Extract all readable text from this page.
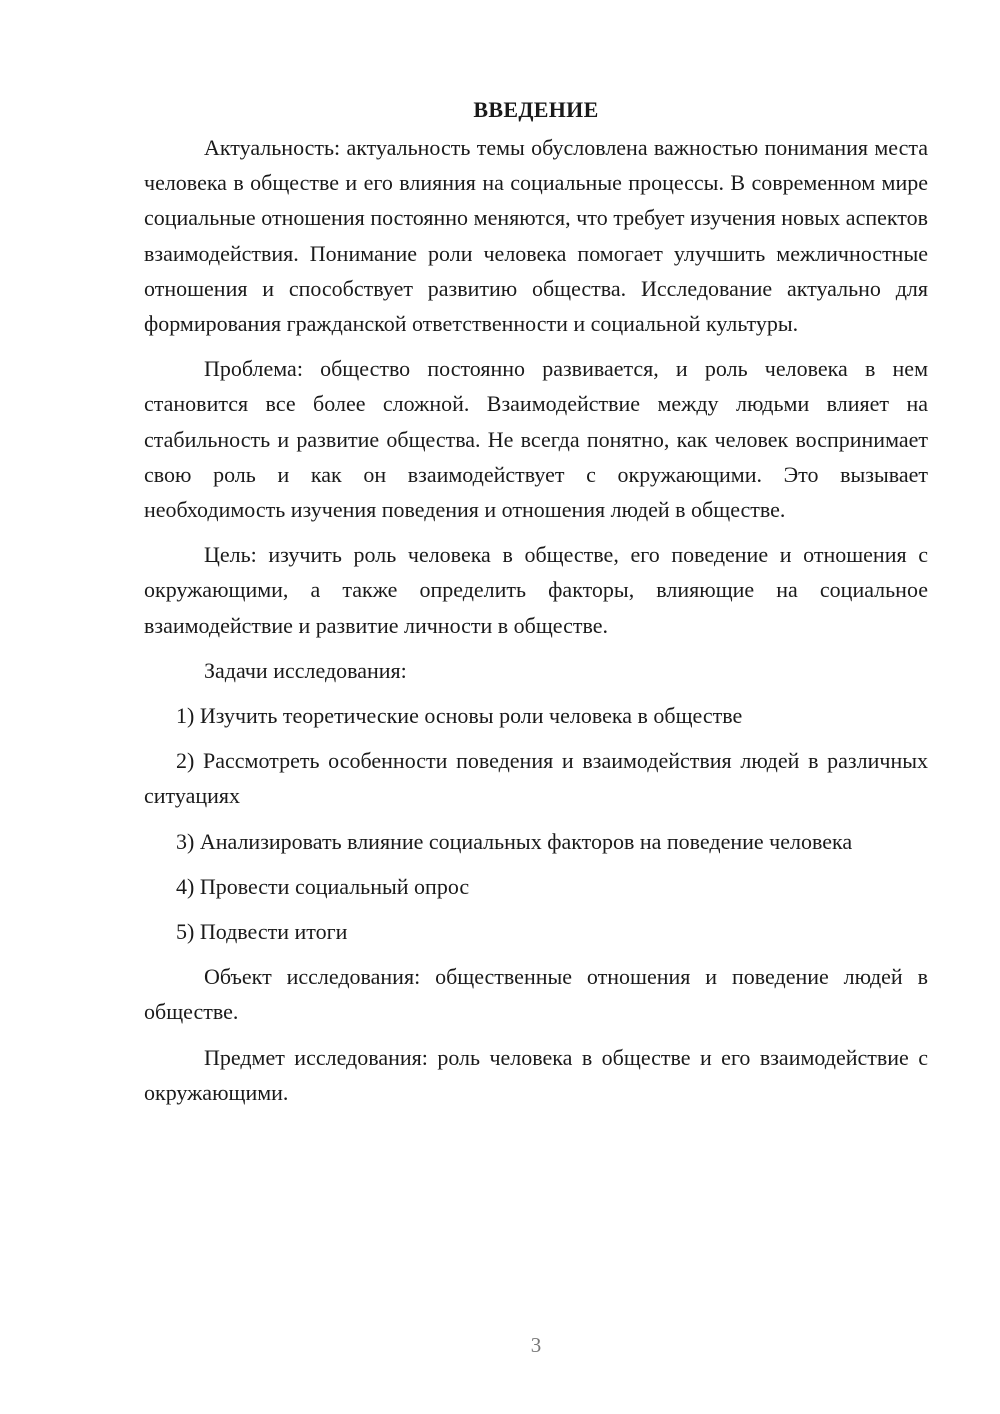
ВВЕДЕНИЕ

Актуальность: актуальность темы обусловлена важностью понимания места человека в обществе и его влияния на социальные процессы. В современном мире социальные отношения постоянно меняются, что требует изучения новых аспектов взаимодействия. Понимание роли человека помогает улучшить межличностные отношения и способствует развитию общества. Исследование актуально для формирования гражданской ответственности и социальной культуры.

Проблема: общество постоянно развивается, и роль человека в нем становится все более сложной. Взаимодействие между людьми влияет на стабильность и развитие общества. Не всегда понятно, как человек воспринимает свою роль и как он взаимодействует с окружающими. Это вызывает необходимость изучения поведения и отношения людей в обществе.

Цель: изучить роль человека в обществе, его поведение и отношения с окружающими, а также определить факторы, влияющие на социальное взаимодействие и развитие личности в обществе.

Задачи исследования:

1) Изучить теоретические основы роли человека в обществе

2) Рассмотреть особенности поведения и взаимодействия людей в различных ситуациях

3) Анализировать влияние социальных факторов на поведение человека

4) Провести социальный опрос

5) Подвести итоги

Объект исследования: общественные отношения и поведение людей в обществе.

Предмет исследования: роль человека в обществе и его взаимодействие с окружающими.

3
